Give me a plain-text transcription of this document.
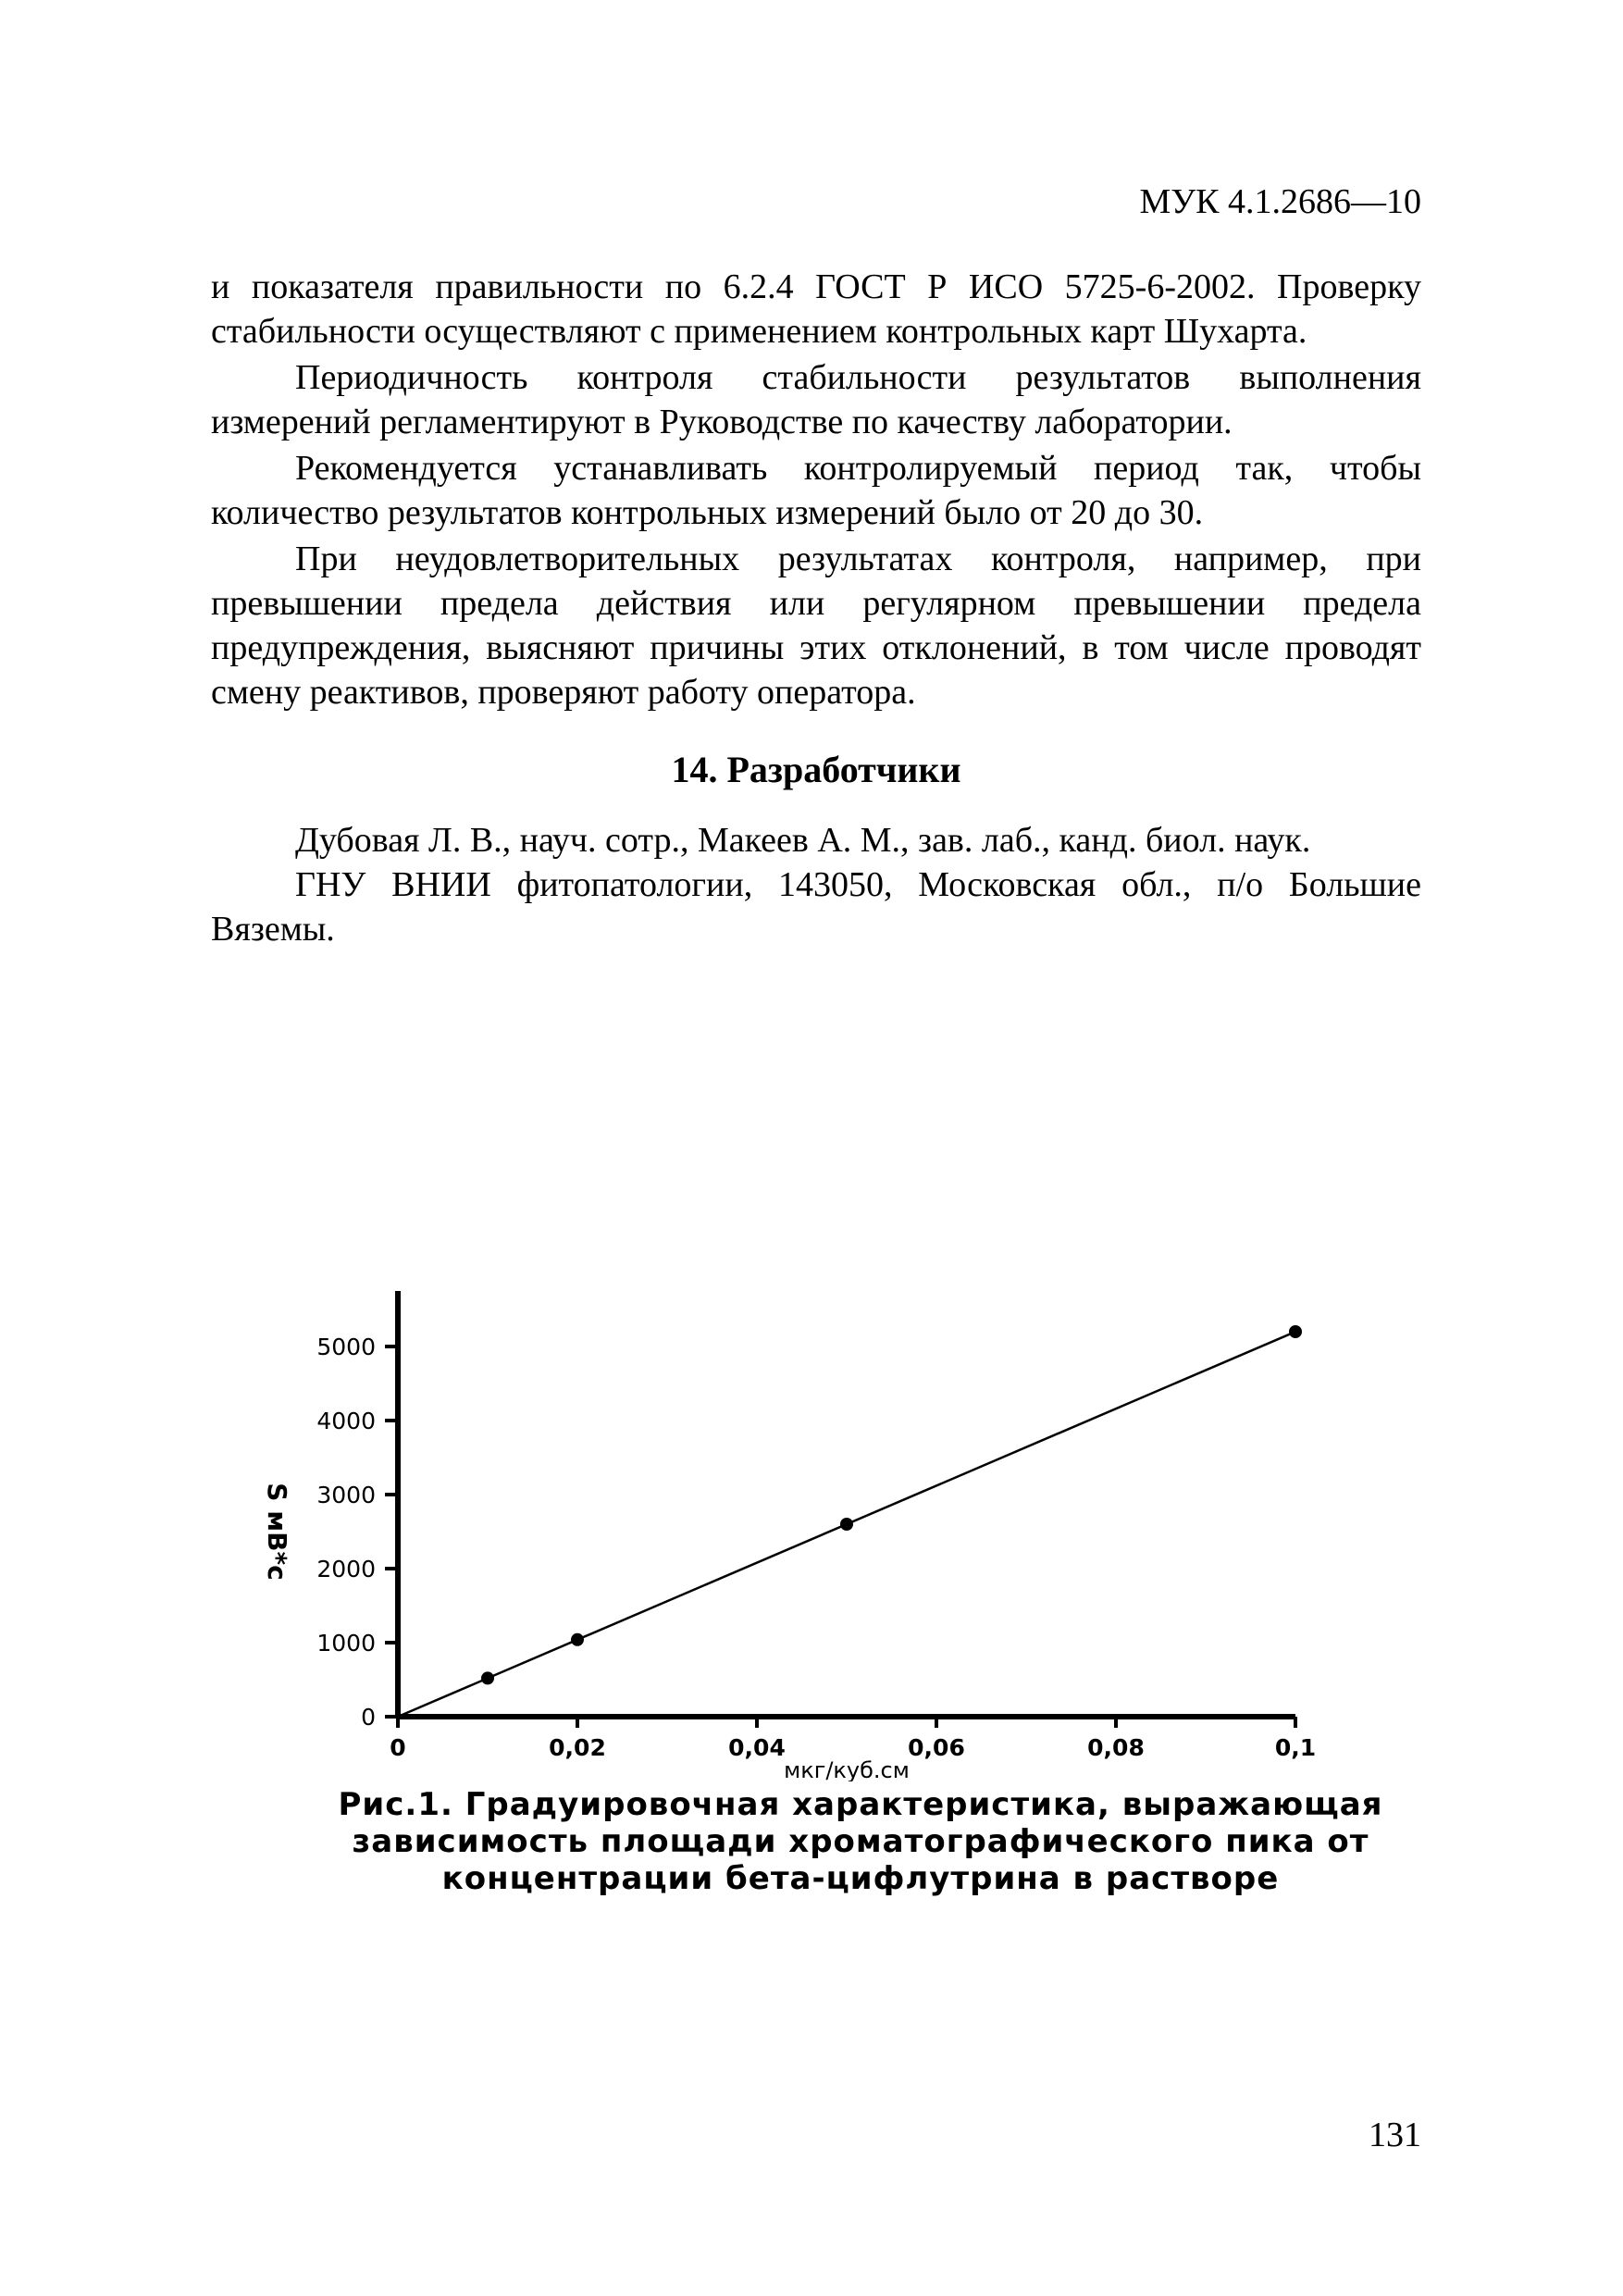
МУК 4.1.2686—10

и показателя правильности по 6.2.4 ГОСТ Р ИСО 5725-6-2002. Проверку стабильности осуществляют с применением контрольных карт Шухарта.

Периодичность контроля стабильности результатов выполнения измерений регламентируют в Руководстве по качеству лаборатории.

Рекомендуется устанавливать контролируемый период так, чтобы количество результатов контрольных измерений было от 20 до 30.

При неудовлетворительных результатах контроля, например, при превышении предела действия или регулярном превышении предела предупреждения, выясняют причины этих отклонений, в том числе проводят смену реактивов, проверяют работу оператора.

14. Разработчики

Дубовая Л. В., науч. сотр., Макеев А. М., зав. лаб., канд. биол. наук.

ГНУ ВНИИ фитопатологии, 143050, Московская обл., п/о Большие Вяземы.

0
1000
2000
3000
4000
5000
0	0,02	0,04	0,06	0,08	0,1
S мВ*с
мкг/куб.см
Рис.1. Градуировочная характеристика, выражающая зависимость площади хроматографического пика от концентрации бета-цифлутрина в растворе
131
